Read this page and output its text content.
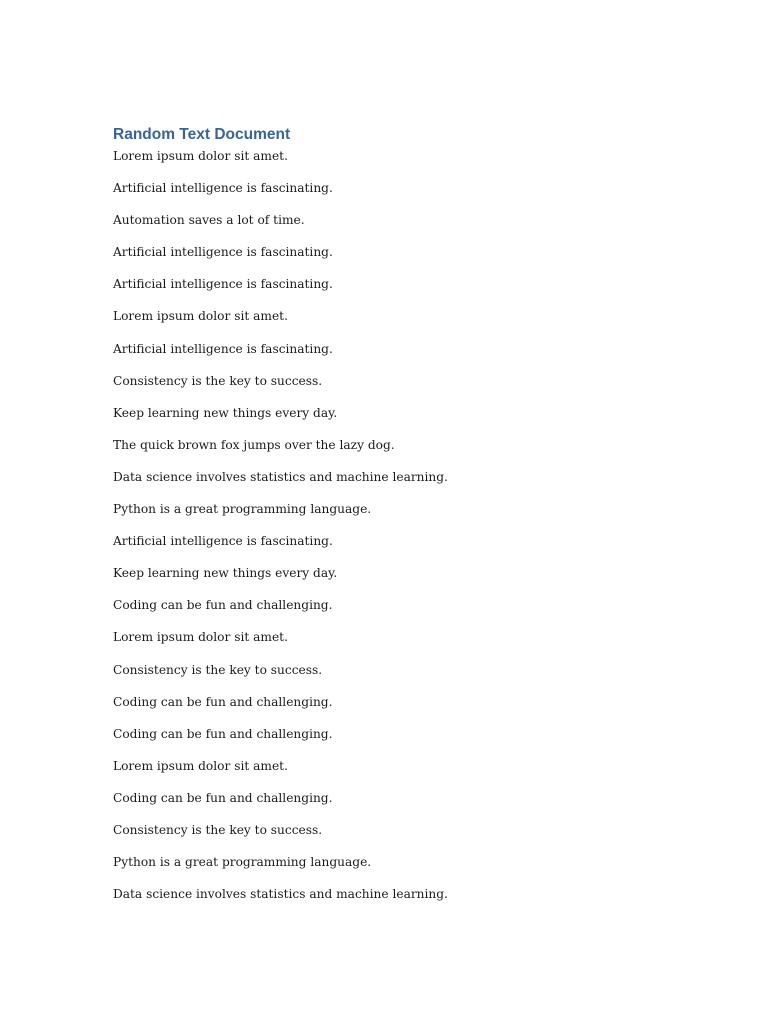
Random Text Document

Lorem ipsum dolor sit amet.

Artificial intelligence is fascinating.

Automation saves a lot of time.

Artificial intelligence is fascinating.

Artificial intelligence is fascinating.

Lorem ipsum dolor sit amet.

Artificial intelligence is fascinating.

Consistency is the key to success.

Keep learning new things every day.

The quick brown fox jumps over the lazy dog.

Data science involves statistics and machine learning.

Python is a great programming language.

Artificial intelligence is fascinating.

Keep learning new things every day.

Coding can be fun and challenging.

Lorem ipsum dolor sit amet.

Consistency is the key to success.

Coding can be fun and challenging.

Coding can be fun and challenging.

Lorem ipsum dolor sit amet.

Coding can be fun and challenging.

Consistency is the key to success.

Python is a great programming language.

Data science involves statistics and machine learning.
